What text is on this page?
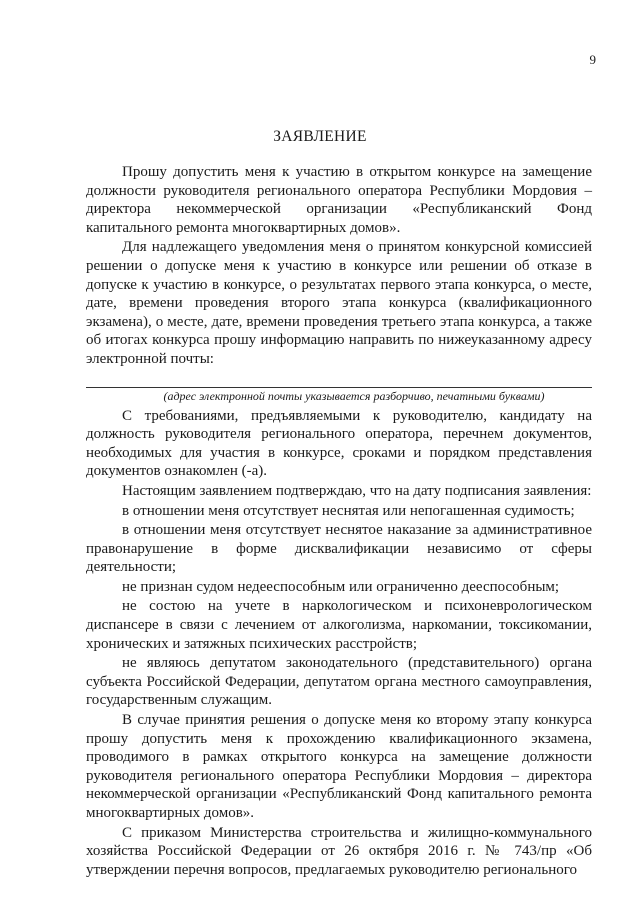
9
ЗАЯВЛЕНИЕ

Прошу допустить меня к участию в открытом конкурсе на замещение должности руководителя регионального оператора Республики Мордовия – директора некоммерческой организации «Республиканский Фонд капитального ремонта многоквартирных домов».

Для надлежащего уведомления меня о принятом конкурсной комиссией решении о допуске меня к участию в конкурсе или решении об отказе в допуске к участию в конкурсе, о результатах первого этапа конкурса, о месте, дате, времени проведения второго этапа конкурса (квалификационного экзамена), о месте, дате, времени проведения третьего этапа конкурса, а также об итогах конкурса прошу информацию направить по нижеуказанному адресу электронной почты:

(адрес электронной почты указывается разборчиво, печатными буквами)

С требованиями, предъявляемыми к руководителю, кандидату на должность руководителя регионального оператора, перечнем документов, необходимых для участия в конкурсе, сроками и порядком представления документов ознакомлен (-а).

Настоящим заявлением подтверждаю, что на дату подписания заявления:

в отношении меня отсутствует неснятая или непогашенная судимость;

в отношении меня отсутствует неснятое наказание за административное правонарушение в форме дисквалификации независимо от сферы деятельности;

не признан судом недееспособным или ограниченно дееспособным;

не состою на учете в наркологическом и психоневрологическом диспансере в связи с лечением от алкоголизма, наркомании, токсикомании, хронических и затяжных психических расстройств;

не являюсь депутатом законодательного (представительного) органа субъекта Российской Федерации, депутатом органа местного самоуправления, государственным служащим.

В случае принятия решения о допуске меня ко второму этапу конкурса прошу допустить меня к прохождению квалификационного экзамена, проводимого в рамках открытого конкурса на замещение должности руководителя регионального оператора Республики Мордовия – директора некоммерческой организации «Республиканский Фонд капитального ремонта многоквартирных домов».

С приказом Министерства строительства и жилищно-коммунального хозяйства Российской Федерации от 26 октября 2016 г. № 743/пр «Об утверждении перечня вопросов, предлагаемых руководителю регионального
